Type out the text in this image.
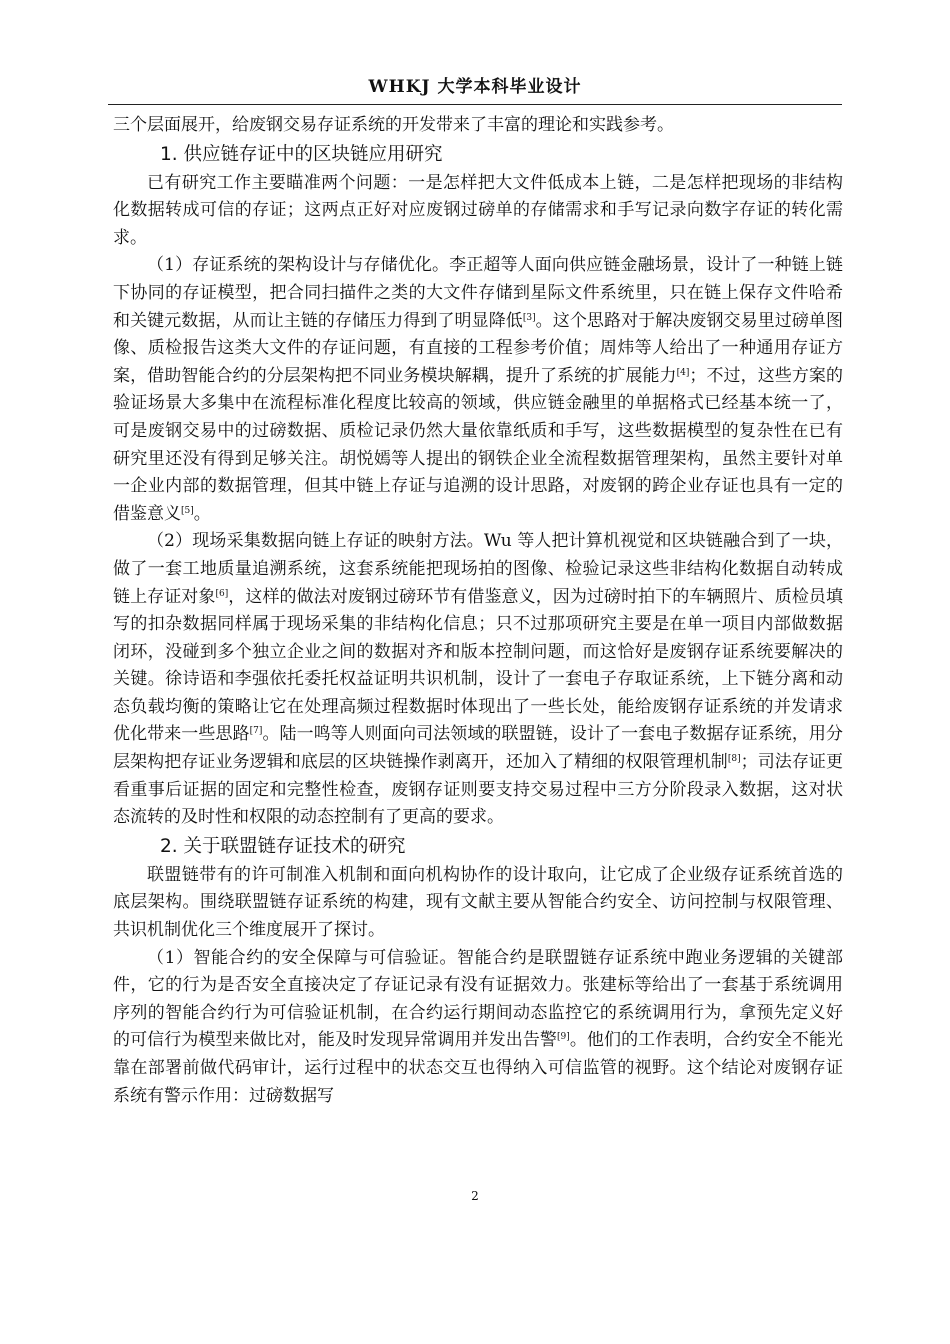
WHKJ 大学本科毕业设计

三个层面展开，给废钢交易存证系统的开发带来了丰富的理论和实践参考。

1. 供应链存证中的区块链应用研究

已有研究工作主要瞄准两个问题：一是怎样把大文件低成本上链，二是怎样把现场的非结构化数据转成可信的存证；这两点正好对应废钢过磅单的存储需求和手写记录向数字存证的转化需求。

（1）存证系统的架构设计与存储优化。李正超等人面向供应链金融场景，设计了一种链上链下协同的存证模型，把合同扫描件之类的大文件存储到星际文件系统里，只在链上保存文件哈希和关键元数据，从而让主链的存储压力得到了明显降低[3]。这个思路对于解决废钢交易里过磅单图像、质检报告这类大文件的存证问题，有直接的工程参考价值；周炜等人给出了一种通用存证方案，借助智能合约的分层架构把不同业务模块解耦，提升了系统的扩展能力[4]；不过，这些方案的验证场景大多集中在流程标准化程度比较高的领域，供应链金融里的单据格式已经基本统一了，可是废钢交易中的过磅数据、质检记录仍然大量依靠纸质和手写，这些数据模型的复杂性在已有研究里还没有得到足够关注。胡悦嫣等人提出的钢铁企业全流程数据管理架构，虽然主要针对单一企业内部的数据管理，但其中链上存证与追溯的设计思路，对废钢的跨企业存证也具有一定的借鉴意义[5]。

（2）现场采集数据向链上存证的映射方法。Wu 等人把计算机视觉和区块链融合到了一块，做了一套工地质量追溯系统，这套系统能把现场拍的图像、检验记录这些非结构化数据自动转成链上存证对象[6]，这样的做法对废钢过磅环节有借鉴意义，因为过磅时拍下的车辆照片、质检员填写的扣杂数据同样属于现场采集的非结构化信息；只不过那项研究主要是在单一项目内部做数据闭环，没碰到多个独立企业之间的数据对齐和版本控制问题，而这恰好是废钢存证系统要解决的关键。徐诗语和李强依托委托权益证明共识机制，设计了一套电子存取证系统，上下链分离和动态负载均衡的策略让它在处理高频过程数据时体现出了一些长处，能给废钢存证系统的并发请求优化带来一些思路[7]。陆一鸣等人则面向司法领域的联盟链，设计了一套电子数据存证系统，用分层架构把存证业务逻辑和底层的区块链操作剥离开，还加入了精细的权限管理机制[8]；司法存证更看重事后证据的固定和完整性检查，废钢存证则要支持交易过程中三方分阶段录入数据，这对状态流转的及时性和权限的动态控制有了更高的要求。

2. 关于联盟链存证技术的研究

联盟链带有的许可制准入机制和面向机构协作的设计取向，让它成了企业级存证系统首选的底层架构。围绕联盟链存证系统的构建，现有文献主要从智能合约安全、访问控制与权限管理、共识机制优化三个维度展开了探讨。

（1）智能合约的安全保障与可信验证。智能合约是联盟链存证系统中跑业务逻辑的关键部件，它的行为是否安全直接决定了存证记录有没有证据效力。张建标等给出了一套基于系统调用序列的智能合约行为可信验证机制，在合约运行期间动态监控它的系统调用行为，拿预先定义好的可信行为模型来做比对，能及时发现异常调用并发出告警[9]。他们的工作表明，合约安全不能光靠在部署前做代码审计，运行过程中的状态交互也得纳入可信监管的视野。这个结论对废钢存证系统有警示作用：过磅数据写

2
